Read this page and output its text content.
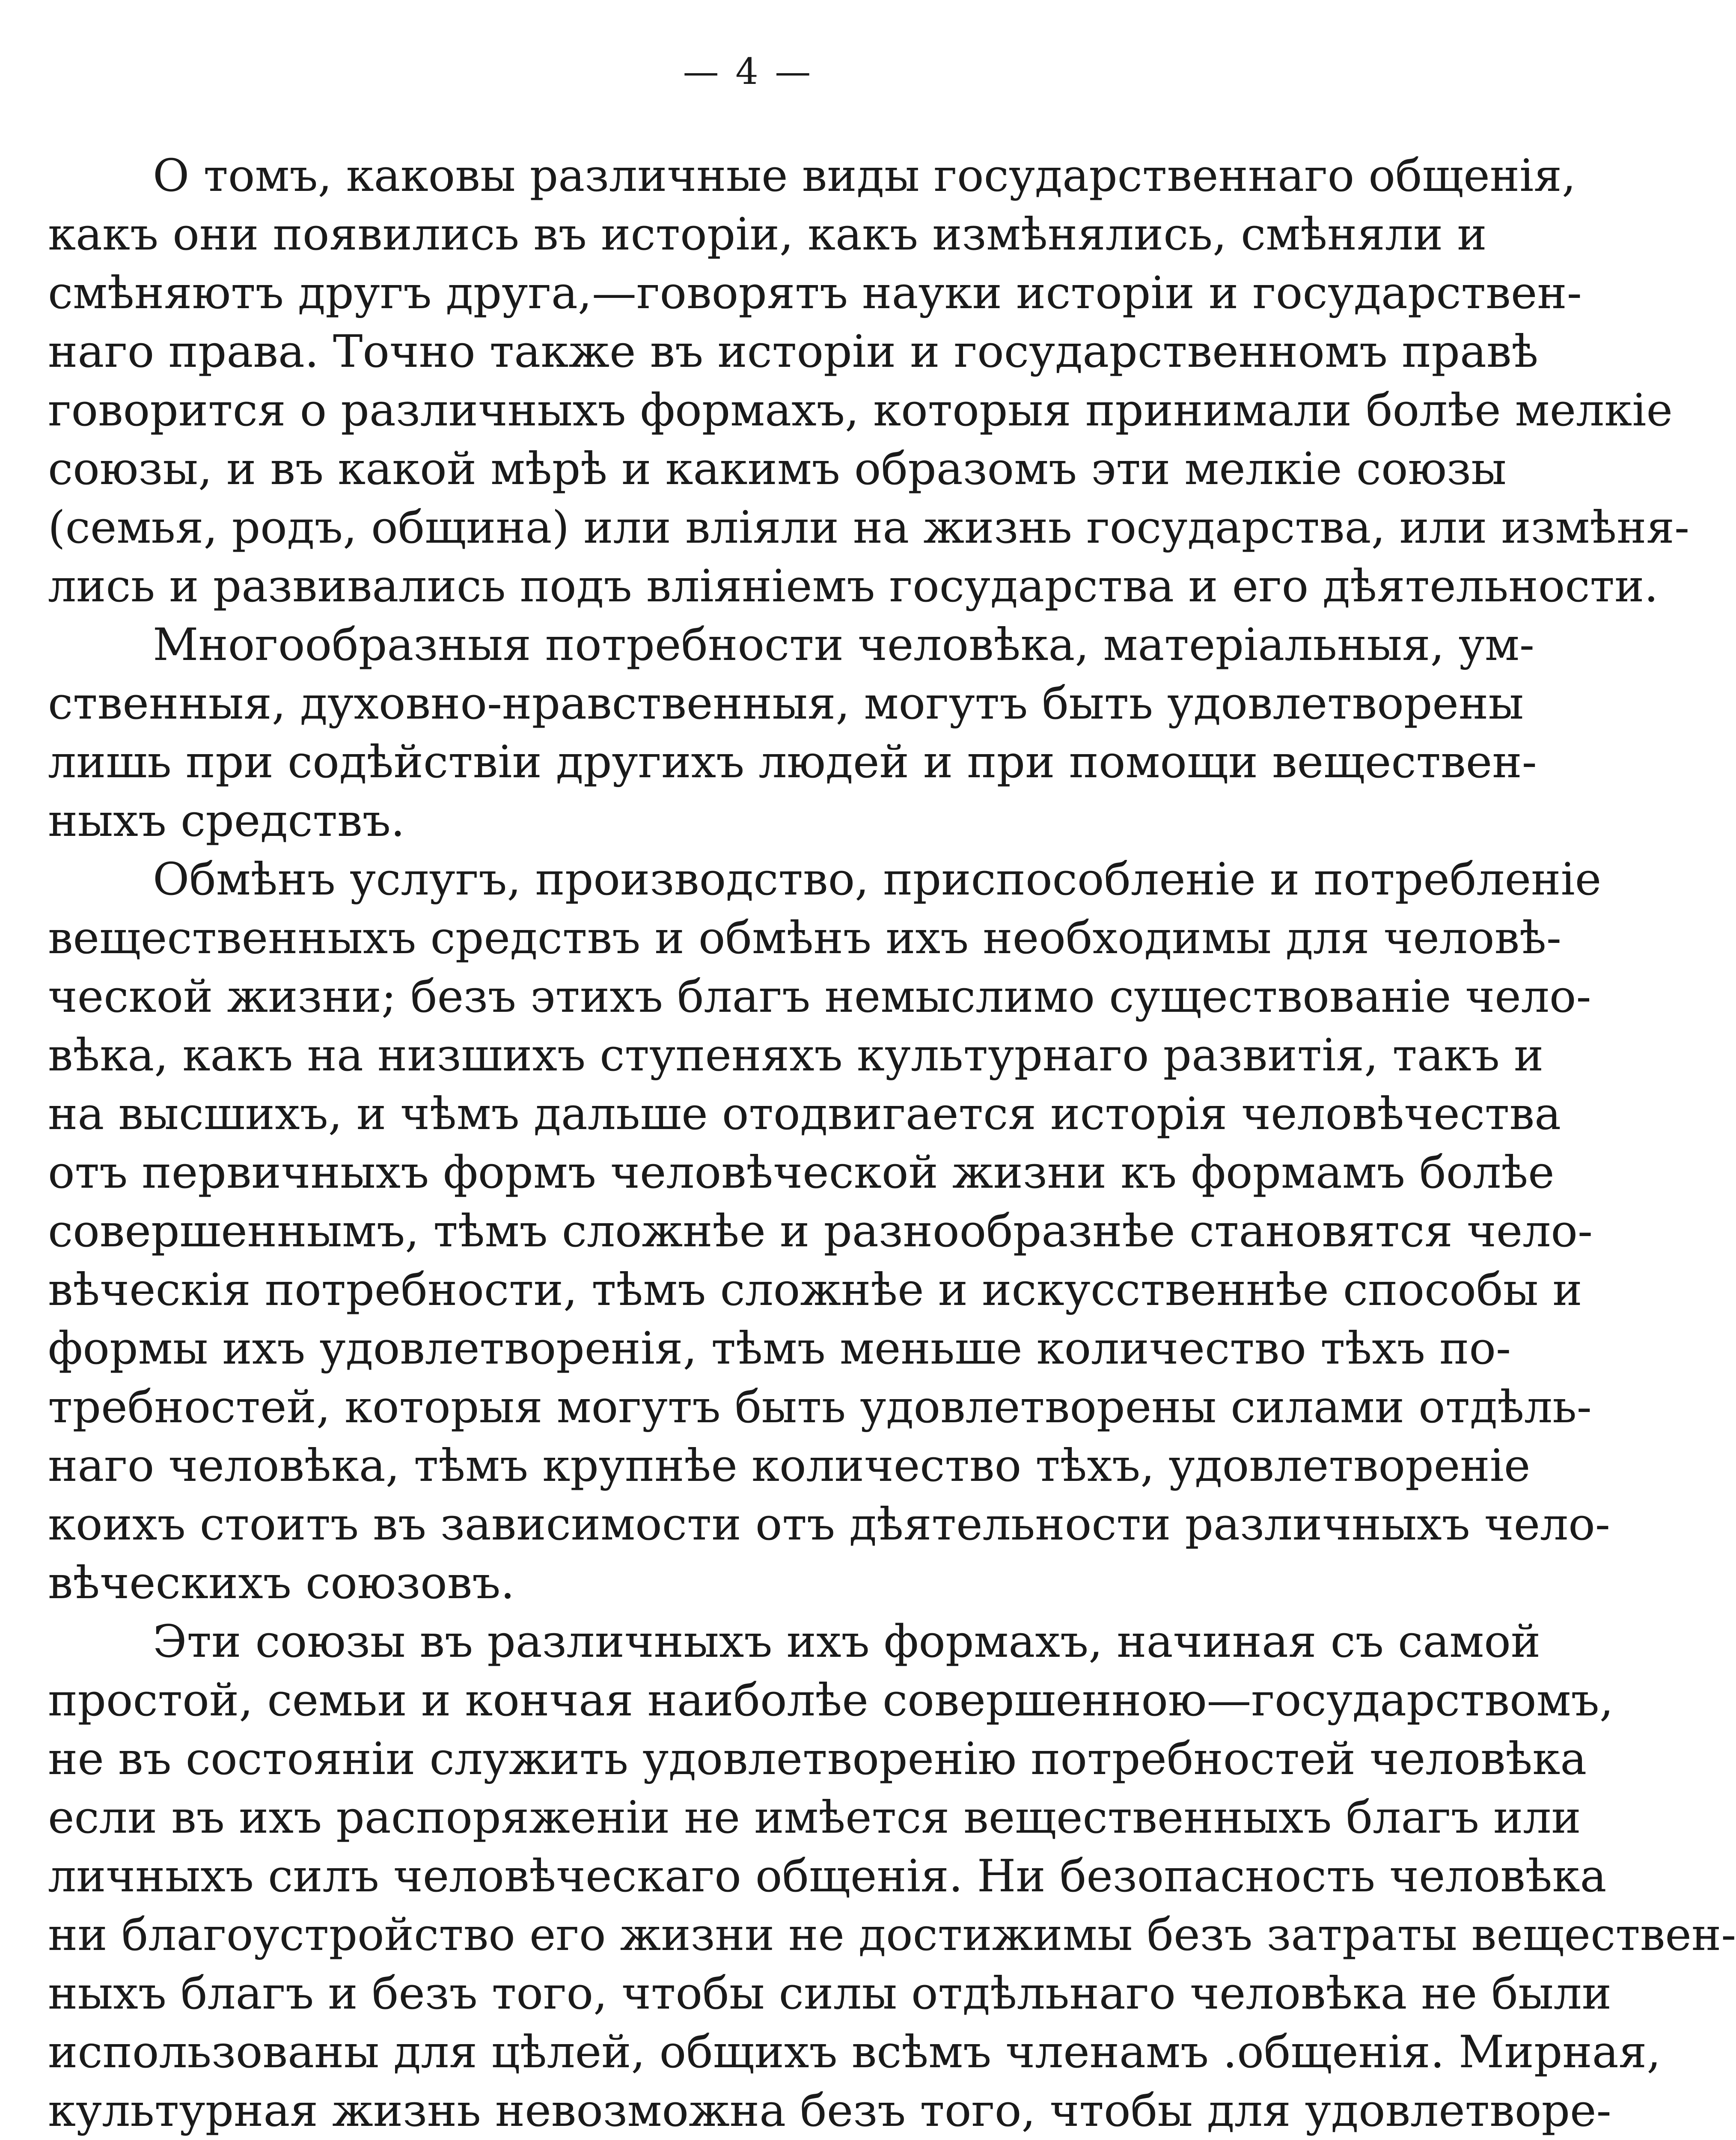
— 4 —
О томъ, каковы различные виды государственнаго общенія,
какъ они появились въ исторіи, какъ измѣнялись, смѣняли и
смѣняютъ другъ друга,—говорятъ науки исторіи и государствен-
наго права. Точно также въ исторіи и государственномъ правѣ
говорится о различныхъ формахъ, которыя принимали болѣе мелкіе
союзы, и въ какой мѣрѣ и какимъ образомъ эти мелкіе союзы
(семья, родъ, община) или вліяли на жизнь государства, или измѣня-
лись и развивались подъ вліяніемъ государства и его дѣятельности.
Многообразныя потребности человѣка, матеріальныя, ум-
ственныя, духовно-нравственныя, могутъ быть удовлетворены
лишь при содѣйствіи другихъ людей и при помощи веществен-
ныхъ средствъ.
Обмѣнъ услугъ, производство, приспособленіе и потребленіе
вещественныхъ средствъ и обмѣнъ ихъ необходимы для человѣ-
ческой жизни; безъ этихъ благъ немыслимо существованіе чело-
вѣка, какъ на низшихъ ступеняхъ культурнаго развитія, такъ и
на высшихъ, и чѣмъ дальше отодвигается исторія человѣчества
отъ первичныхъ формъ человѣческой жизни къ формамъ болѣе
совершеннымъ, тѣмъ сложнѣе и разнообразнѣе становятся чело-
вѣческія потребности, тѣмъ сложнѣе и искусственнѣе способы и
формы ихъ удовлетворенія, тѣмъ меньше количество тѣхъ по-
требностей, которыя могутъ быть удовлетворены силами отдѣль-
наго человѣка, тѣмъ крупнѣе количество тѣхъ, удовлетвореніе
коихъ стоитъ въ зависимости отъ дѣятельности различныхъ чело-
вѣческихъ союзовъ.
Эти союзы въ различныхъ ихъ формахъ, начиная съ самой
простой, семьи и кончая наиболѣе совершенною—государствомъ,
не въ состояніи служить удовлетворенію потребностей человѣка
если въ ихъ распоряженіи не имѣется вещественныхъ благъ или
личныхъ силъ человѣческаго общенія. Ни безопасность человѣка
ни благоустройство его жизни не достижимы безъ затраты веществен-
ныхъ благъ и безъ того, чтобы силы отдѣльнаго человѣка не были
использованы для цѣлей, общихъ всѣмъ членамъ .общенія. Мирная,
культурная жизнь невозможна безъ того, чтобы для удовлетворе-
